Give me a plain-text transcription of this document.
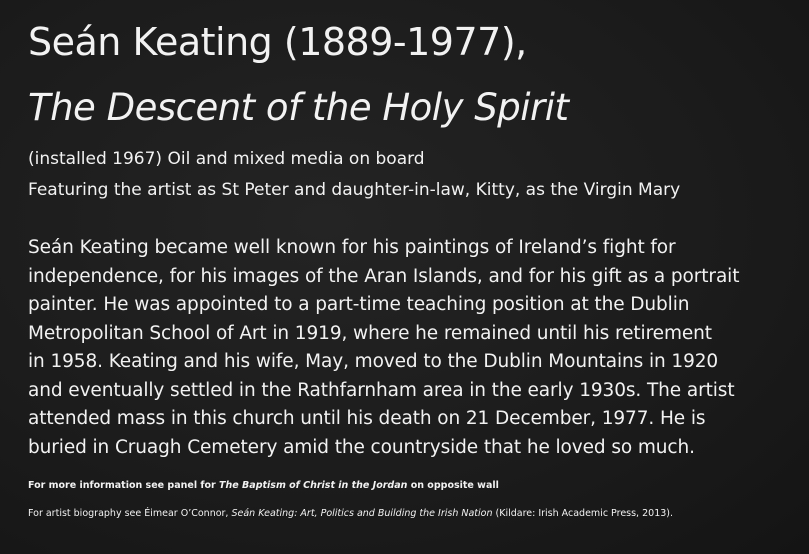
Seán Keating (1889-1977),
The Descent of the Holy Spirit

(installed 1967) Oil and mixed media on board

Featuring the artist as St Peter and daughter-in-law, Kitty, as the Virgin Mary

Seán Keating became well known for his paintings of Ireland’s fight for
independence, for his images of the Aran Islands, and for his gift as a portrait
painter. He was appointed to a part-time teaching position at the Dublin
Metropolitan School of Art in 1919, where he remained until his retirement
in 1958. Keating and his wife, May, moved to the Dublin Mountains in 1920
and eventually settled in the Rathfarnham area in the early 1930s. The artist
attended mass in this church until his death on 21 December, 1977. He is
buried in Cruagh Cemetery amid the countryside that he loved so much.

For more information see panel for The Baptism of Christ in the Jordan on opposite wall

For artist biography see Éimear O’Connor, Seán Keating: Art, Politics and Building the Irish Nation (Kildare: Irish Academic Press, 2013).
